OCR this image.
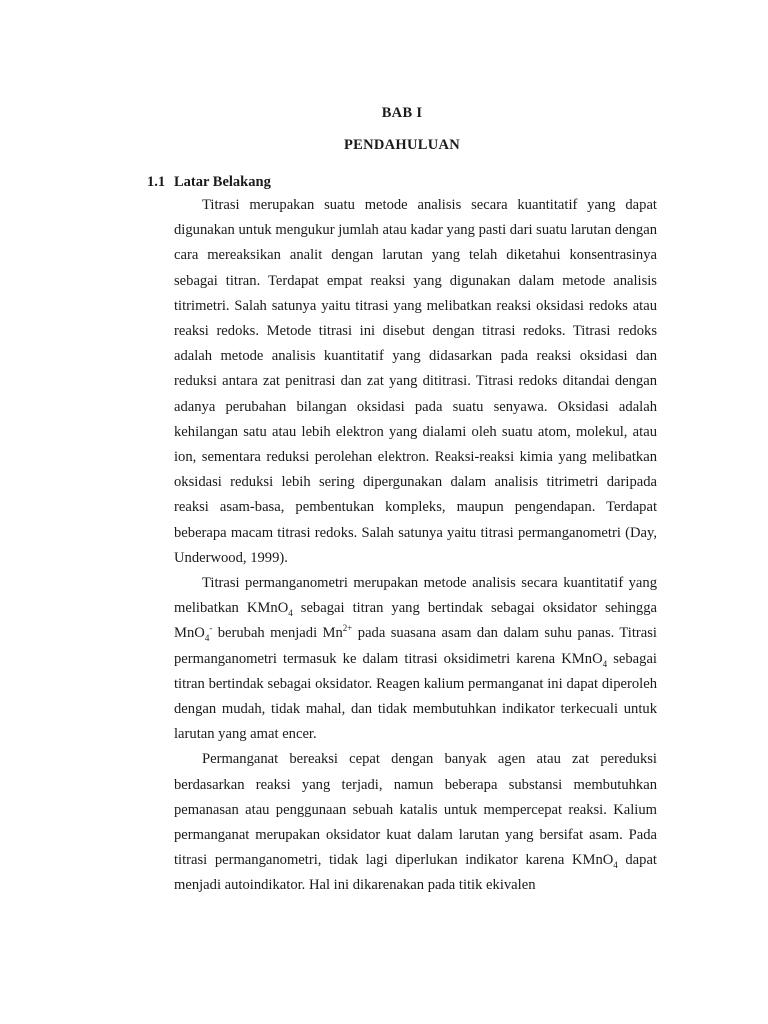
BAB I
PENDAHULUAN
1.1 Latar Belakang

Titrasi merupakan suatu metode analisis secara kuantitatif yang dapat digunakan untuk mengukur jumlah atau kadar yang pasti dari suatu larutan dengan cara mereaksikan analit dengan larutan yang telah diketahui konsentrasinya sebagai titran. Terdapat empat reaksi yang digunakan dalam metode analisis titrimetri. Salah satunya yaitu titrasi yang melibatkan reaksi oksidasi redoks atau reaksi redoks. Metode titrasi ini disebut dengan titrasi redoks. Titrasi redoks adalah metode analisis kuantitatif yang didasarkan pada reaksi oksidasi dan reduksi antara zat penitrasi dan zat yang dititrasi. Titrasi redoks ditandai dengan adanya perubahan bilangan oksidasi pada suatu senyawa. Oksidasi adalah kehilangan satu atau lebih elektron yang dialami oleh suatu atom, molekul, atau ion, sementara reduksi perolehan elektron. Reaksi-reaksi kimia yang melibatkan oksidasi reduksi lebih sering dipergunakan dalam analisis titrimetri daripada reaksi asam-basa, pembentukan kompleks, maupun pengendapan. Terdapat beberapa macam titrasi redoks. Salah satunya yaitu titrasi permanganometri (Day, Underwood, 1999).

Titrasi permanganometri merupakan metode analisis secara kuantitatif yang melibatkan KMnO$_4$ sebagai titran yang bertindak sebagai oksidator sehingga MnO$_4$- berubah menjadi $Mn^{2+}$ pada suasana asam dan dalam suhu panas. Titrasi permanganometri termasuk ke dalam titrasi oksidimetri karena KMnO$_4$ sebagai titran bertindak sebagai oksidator. Reagen kalium permanganat ini dapat diperoleh dengan mudah, tidak mahal, dan tidak membutuhkan indikator terkecuali untuk larutan yang amat encer.

Permanganat bereaksi cepat dengan banyak agen atau zat pereduksi berdasarkan reaksi yang terjadi, namun beberapa substansi membutuhkan pemanasan atau penggunaan sebuah katalis untuk mempercepat reaksi. Kalium permanganat merupakan oksidator kuat dalam larutan yang bersifat asam. Pada titrasi permanganometri, tidak lagi diperlukan indikator karena KMnO$_4$ dapat menjadi autoindikator. Hal ini dikarenakan pada titik ekivalen
